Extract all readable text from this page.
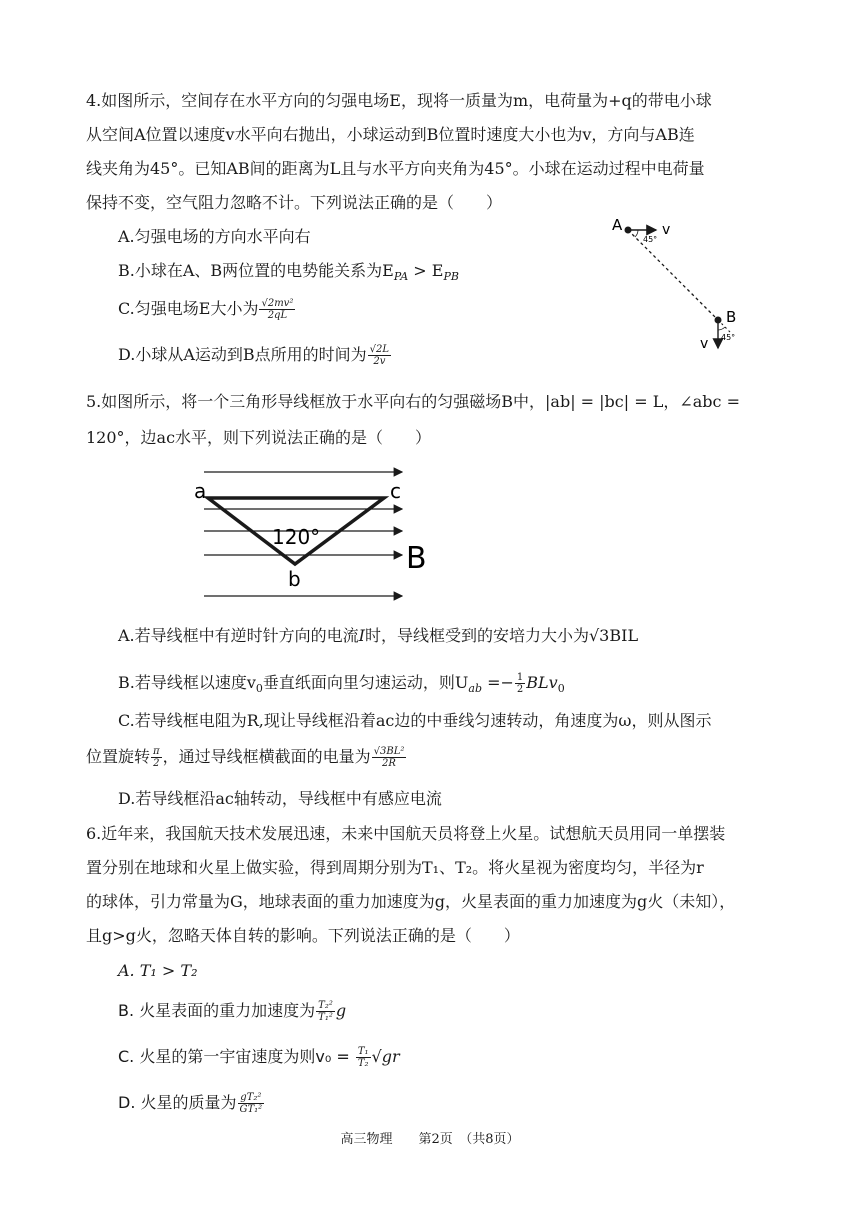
4.如图所示，空间存在水平方向的匀强电场E，现将一质量为m，电荷量为+q的带电小球
从空间A位置以速度v水平向右抛出，小球运动到B位置时速度大小也为v，方向与AB连
线夹角为45°。已知AB间的距离为L且与水平方向夹角为45°。小球在运动过程中电荷量
保持不变，空气阻力忽略不计。下列说法正确的是（　　）
A.匀强电场的方向水平向右
B.小球在A、B两位置的电势能关系为$E_{PA} > E_{PB}$
C.匀强电场E大小为 $\frac{\text{√2mv²}}{2qL}$
D.小球从A运动到B点所用的时间为 $\frac{√2L}{2v}$
A
B
v
v
45°
45°
5.如图所示，将一个三角形导线框放于水平向右的匀强磁场B中，|ab| = |bc| = L，∠abc =
120°，边ac水平，则下列说法正确的是（　　）
a	c
b
120°
B
A.若导线框中有逆时针方向的电流I时，导线框受到的安培力大小为√3BIL
B.若导线框以速度$v_0$垂直纸面向里匀速运动，则$U_{ab} =- \frac{1}{2} BLv_0$
C.若导线框电阻为R,现让导线框沿着ac边的中垂线匀速转动，角速度为ω，则从图示
位置旋转 $\frac{\pi}{2}$ ，通过导线框横截面的电量为 $\frac{\text{√3BL²}}{2R}$
D.若导线框沿ac轴转动，导线框中有感应电流
6.近年来，我国航天技术发展迅速，未来中国航天员将登上火星。试想航天员用同一单摆装
置分别在地球和火星上做实验，得到周期分别为T₁、T₂。将火星视为密度均匀，半径为r
的球体，引力常量为G，地球表面的重力加速度为g，火星表面的重力加速度为g火（未知），
且g>g火，忽略天体自转的影响。下列说法正确的是（　　）
A. T₁ > T₂
B. 火星表面的重力加速度为 $\frac{\text{T₂²}}{\text{T₁²}}$ g
C. 火星的第一宇宙速度为则$v_0 = \frac{\text{T₁}}{\text{T₂}} √gr$
D. 火星的质量为 $\frac{\text{gT₂²}}{\text{GT₁²}}$
高三物理　　第2页　（共8页）
